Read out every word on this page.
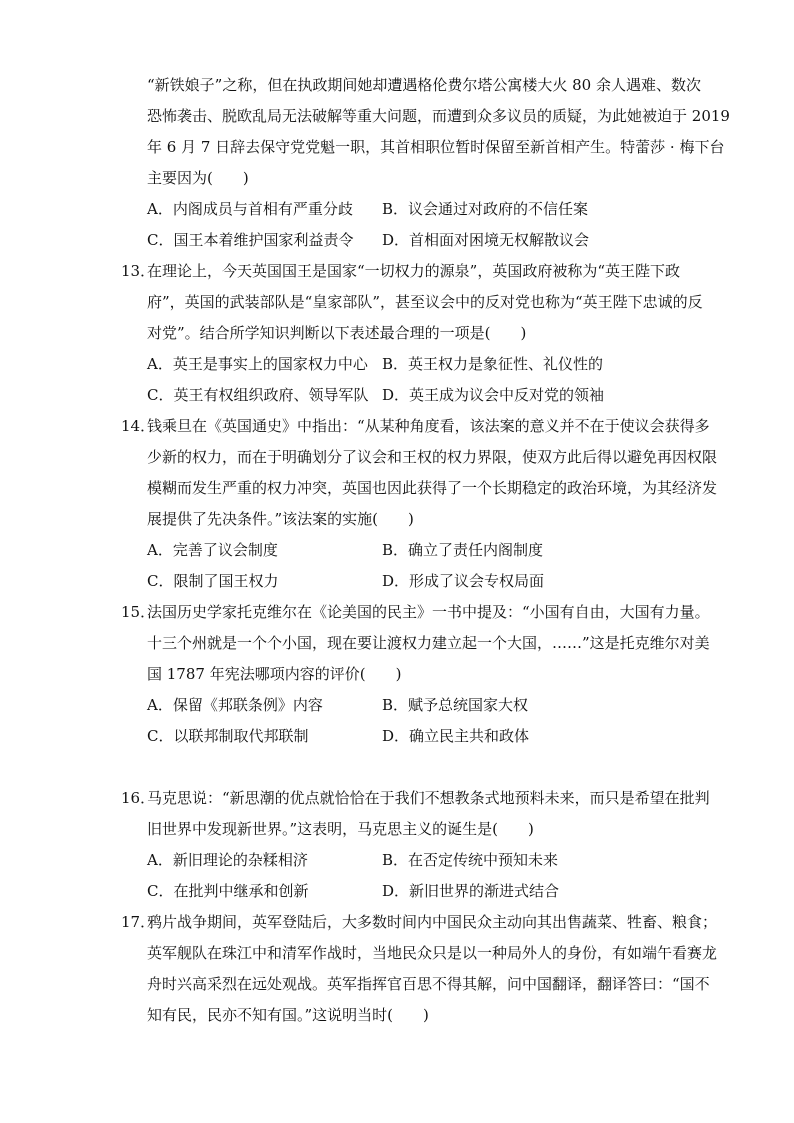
“新铁娘子”之称，但在执政期间她却遭遇格伦费尔塔公寓楼大火 80 余人遇难、数次
恐怖袭击、脱欧乱局无法破解等重大问题，而遭到众多议员的质疑，为此她被迫于 2019
年 6 月 7 日辞去保守党党魁一职，其首相职位暂时保留至新首相产生。特蕾莎 · 梅下台
主要因为(　　)
A．内阁成员与首相有严重分歧 B．议会通过对政府的不信任案
C．国王本着维护国家利益责令 D．首相面对困境无权解散议会
13．
在理论上，今天英国国王是国家“一切权力的源泉”，英国政府被称为“英王陛下政
府”，英国的武装部队是“皇家部队”，甚至议会中的反对党也称为“英王陛下忠诚的反
对党”。结合所学知识判断以下表述最合理的一项是(　　)
A．英王是事实上的国家权力中心 B．英王权力是象征性、礼仪性的
C．英王有权组织政府、领导军队 D．英王成为议会中反对党的领袖
14．
钱乘旦在《英国通史》中指出：“从某种角度看，该法案的意义并不在于使议会获得多
少新的权力，而在于明确划分了议会和王权的权力界限，使双方此后得以避免再因权限
模糊而发生严重的权力冲突，英国也因此获得了一个长期稳定的政治环境，为其经济发
展提供了先决条件。”该法案的实施(　　)
A．完善了议会制度	B．确立了责任内阁制度
C．限制了国王权力	D．形成了议会专权局面
15．
法国历史学家托克维尔在《论美国的民主》一书中提及：“小国有自由，大国有力量。
十三个州就是一个个小国，现在要让渡权力建立起一个大国，……”这是托克维尔对美
国 1787 年宪法哪项内容的评价(　　)
A．保留《邦联条例》内容	B．赋予总统国家大权
C．以联邦制取代邦联制	D．确立民主共和政体
16．
马克思说：“新思潮的优点就恰恰在于我们不想教条式地预料未来，而只是希望在批判
旧世界中发现新世界。”这表明，马克思主义的诞生是(　　)
A．新旧理论的杂糅相济	B．在否定传统中预知未来
C．在批判中继承和创新	D．新旧世界的渐进式结合
17．
鸦片战争期间，英军登陆后，大多数时间内中国民众主动向其出售蔬菜、牲畜、粮食；
英军舰队在珠江中和清军作战时，当地民众只是以一种局外人的身份，有如端午看赛龙
舟时兴高采烈在远处观战。英军指挥官百思不得其解，问中国翻译，翻译答曰：“国不
知有民，民亦不知有国。”这说明当时(　　)
